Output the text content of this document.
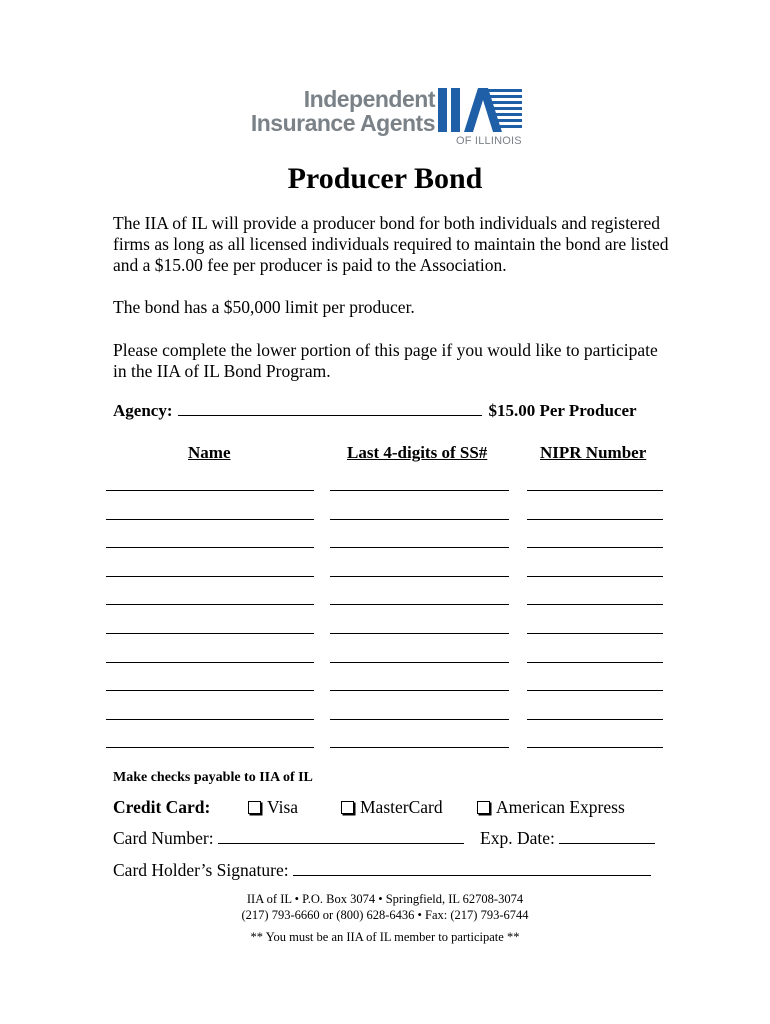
Independent
Insurance Agents
OF ILLINOIS
Producer Bond
The IIA of IL will provide a producer bond for both individuals and registered firms as long as all licensed individuals required to maintain the bond are listed and a $15.00 fee per producer is paid to the Association.
The bond has a $50,000 limit per producer.
Please complete the lower portion of this page if you would like to participate in the IIA of IL Bond Program.
Agency:	$15.00 Per Producer
Name	Last 4-digits of SS#	NIPR Number
Make checks payable to IIA of IL
Credit Card:	Visa	MasterCard	American Express
Card Number:	Exp. Date:
Card Holder’s Signature:
IIA of IL • P.O. Box 3074 • Springfield, IL 62708-3074
(217) 793-6660 or (800) 628-6436 • Fax: (217) 793-6744
** You must be an IIA of IL member to participate **
